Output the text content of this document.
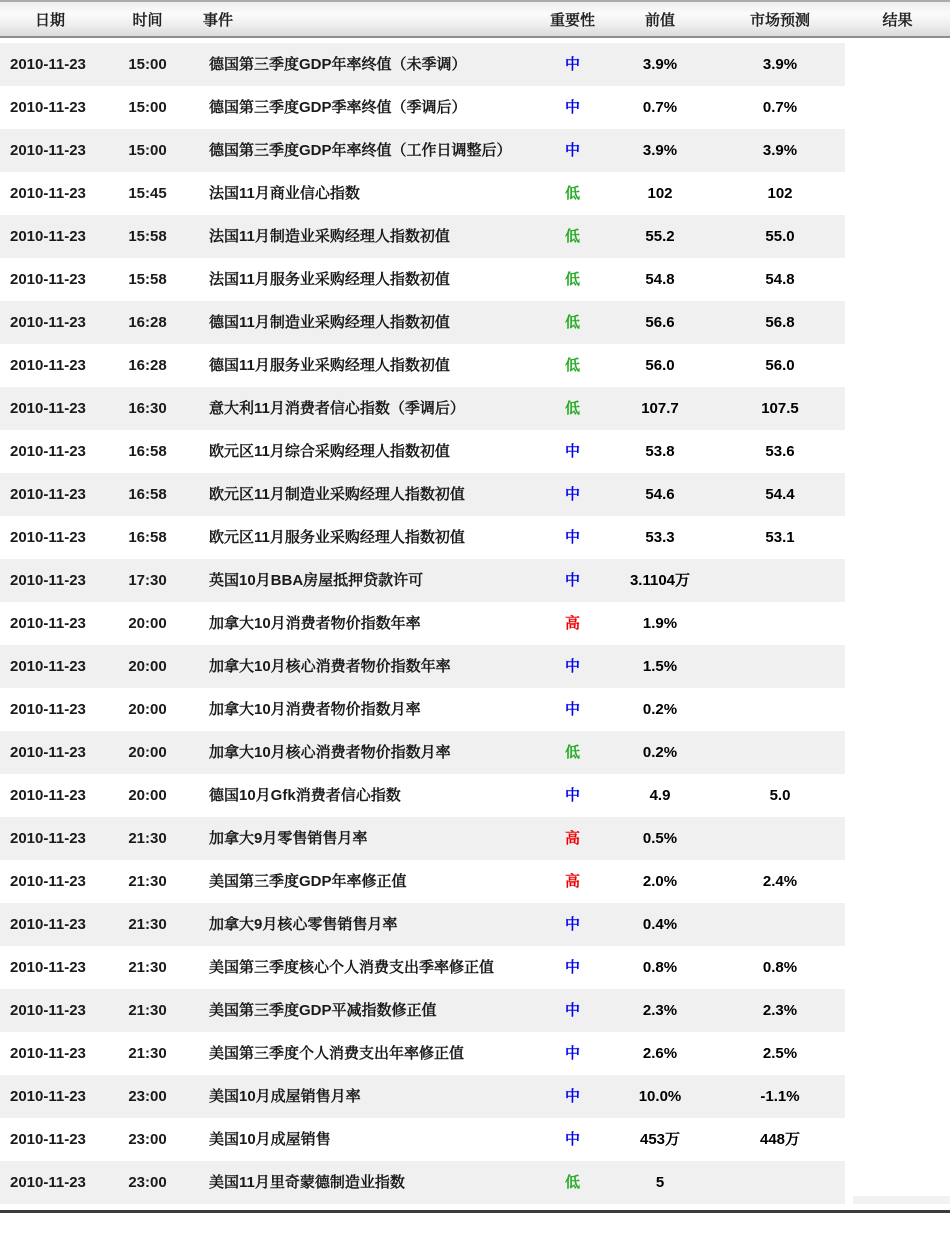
日期	时间	事件	重要性	前值	市场预测	结果
2010-11-23	15:00	德国第三季度GDP年率终值（未季调）	中	3.9%	3.9%	
2010-11-23	15:00	德国第三季度GDP季率终值（季调后）	中	0.7%	0.7%	
2010-11-23	15:00	德国第三季度GDP年率终值（工作日调整后）	中	3.9%	3.9%	
2010-11-23	15:45	法国11月商业信心指数	低	102	102	
2010-11-23	15:58	法国11月制造业采购经理人指数初值	低	55.2	55.0	
2010-11-23	15:58	法国11月服务业采购经理人指数初值	低	54.8	54.8	
2010-11-23	16:28	德国11月制造业采购经理人指数初值	低	56.6	56.8	
2010-11-23	16:28	德国11月服务业采购经理人指数初值	低	56.0	56.0	
2010-11-23	16:30	意大利11月消费者信心指数（季调后）	低	107.7	107.5	
2010-11-23	16:58	欧元区11月综合采购经理人指数初值	中	53.8	53.6	
2010-11-23	16:58	欧元区11月制造业采购经理人指数初值	中	54.6	54.4	
2010-11-23	16:58	欧元区11月服务业采购经理人指数初值	中	53.3	53.1	
2010-11-23	17:30	英国10月BBA房屋抵押贷款许可	中	3.1104万		
2010-11-23	20:00	加拿大10月消费者物价指数年率	高	1.9%		
2010-11-23	20:00	加拿大10月核心消费者物价指数年率	中	1.5%		
2010-11-23	20:00	加拿大10月消费者物价指数月率	中	0.2%		
2010-11-23	20:00	加拿大10月核心消费者物价指数月率	低	0.2%		
2010-11-23	20:00	德国10月Gfk消费者信心指数	中	4.9	5.0	
2010-11-23	21:30	加拿大9月零售销售月率	高	0.5%		
2010-11-23	21:30	美国第三季度GDP年率修正值	高	2.0%	2.4%	
2010-11-23	21:30	加拿大9月核心零售销售月率	中	0.4%		
2010-11-23	21:30	美国第三季度核心个人消费支出季率修正值	中	0.8%	0.8%	
2010-11-23	21:30	美国第三季度GDP平减指数修正值	中	2.3%	2.3%	
2010-11-23	21:30	美国第三季度个人消费支出年率修正值	中	2.6%	2.5%	
2010-11-23	23:00	美国10月成屋销售月率	中	10.0%	-1.1%	
2010-11-23	23:00	美国10月成屋销售	中	453万	448万	
2010-11-23	23:00	美国11月里奇蒙德制造业指数	低	5		
